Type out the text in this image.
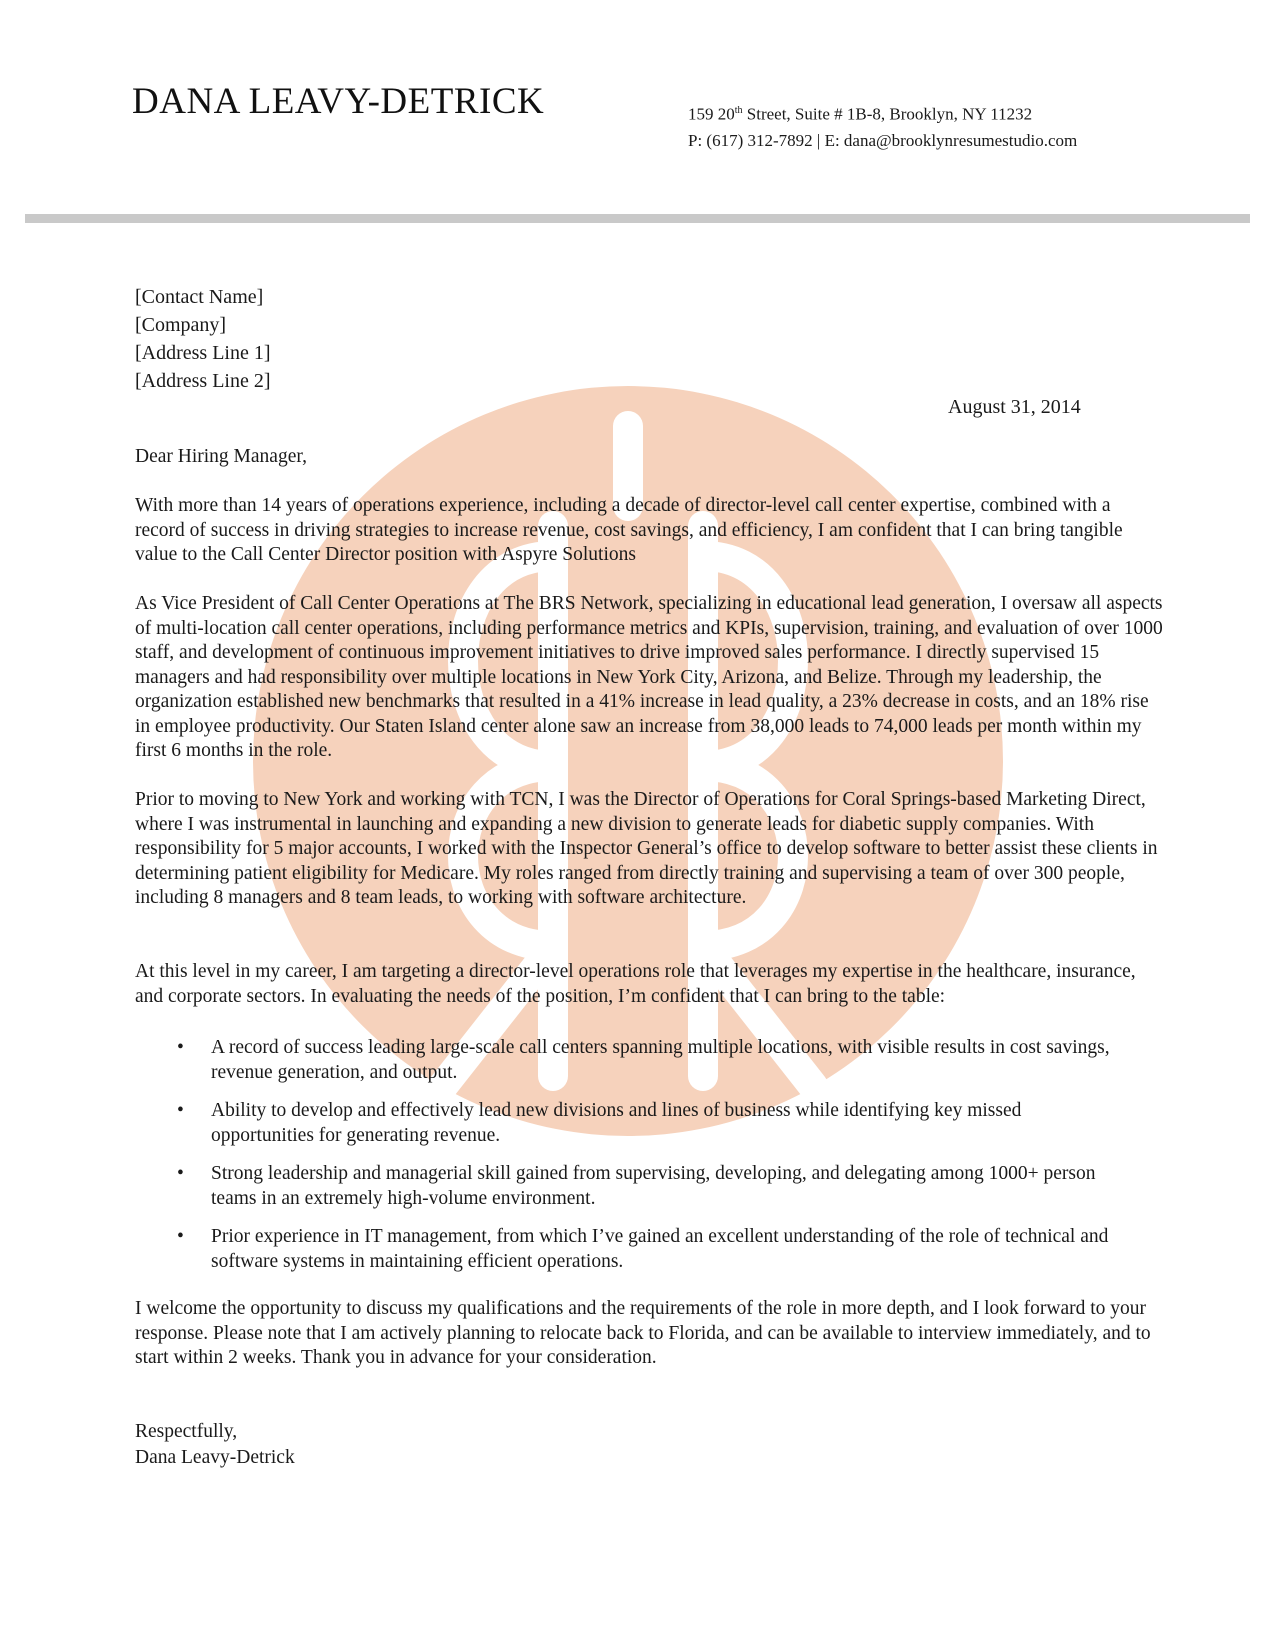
DANA LEAVY-DETRICK	159 20th Street, Suite # 1B-8, Brooklyn, NY 11232
P: (617) 312-7892 | E: dana@brooklynresumestudio.com
[Contact Name]
[Company]
[Address Line 1]
[Address Line 2]
August 31, 2014

Dear Hiring Manager,

With more than 14 years of operations experience, including a decade of director-level call center expertise, combined with a record of success in driving strategies to increase revenue, cost savings, and efficiency, I am confident that I can bring tangible value to the Call Center Director position with Aspyre Solutions

As Vice President of Call Center Operations at The BRS Network, specializing in educational lead generation, I oversaw all aspects of multi-location call center operations, including performance metrics and KPIs, supervision, training, and evaluation of over 1000 staff, and development of continuous improvement initiatives to drive improved sales performance. I directly supervised 15 managers and had responsibility over multiple locations in New York City, Arizona, and Belize. Through my leadership, the organization established new benchmarks that resulted in a 41% increase in lead quality, a 23% decrease in costs, and an 18% rise in employee productivity. Our Staten Island center alone saw an increase from 38,000 leads to 74,000 leads per month within my first 6 months in the role.

Prior to moving to New York and working with TCN, I was the Director of Operations for Coral Springs-based Marketing Direct, where I was instrumental in launching and expanding a new division to generate leads for diabetic supply companies. With responsibility for 5 major accounts, I worked with the Inspector General’s office to develop software to better assist these clients in determining patient eligibility for Medicare. My roles ranged from directly training and supervising a team of over 300 people, including 8 managers and 8 team leads, to working with software architecture.

At this level in my career, I am targeting a director-level operations role that leverages my expertise in the healthcare, insurance, and corporate sectors. In evaluating the needs of the position, I’m confident that I can bring to the table:

• A record of success leading large-scale call centers spanning multiple locations, with visible results in cost savings, revenue generation, and output.
• Ability to develop and effectively lead new divisions and lines of business while identifying key missed opportunities for generating revenue.
• Strong leadership and managerial skill gained from supervising, developing, and delegating among 1000+ person teams in an extremely high-volume environment.
• Prior experience in IT management, from which I’ve gained an excellent understanding of the role of technical and software systems in maintaining efficient operations.

I welcome the opportunity to discuss my qualifications and the requirements of the role in more depth, and I look forward to your response. Please note that I am actively planning to relocate back to Florida, and can be available to interview immediately, and to start within 2 weeks. Thank you in advance for your consideration.

Respectfully,
Dana Leavy-Detrick
